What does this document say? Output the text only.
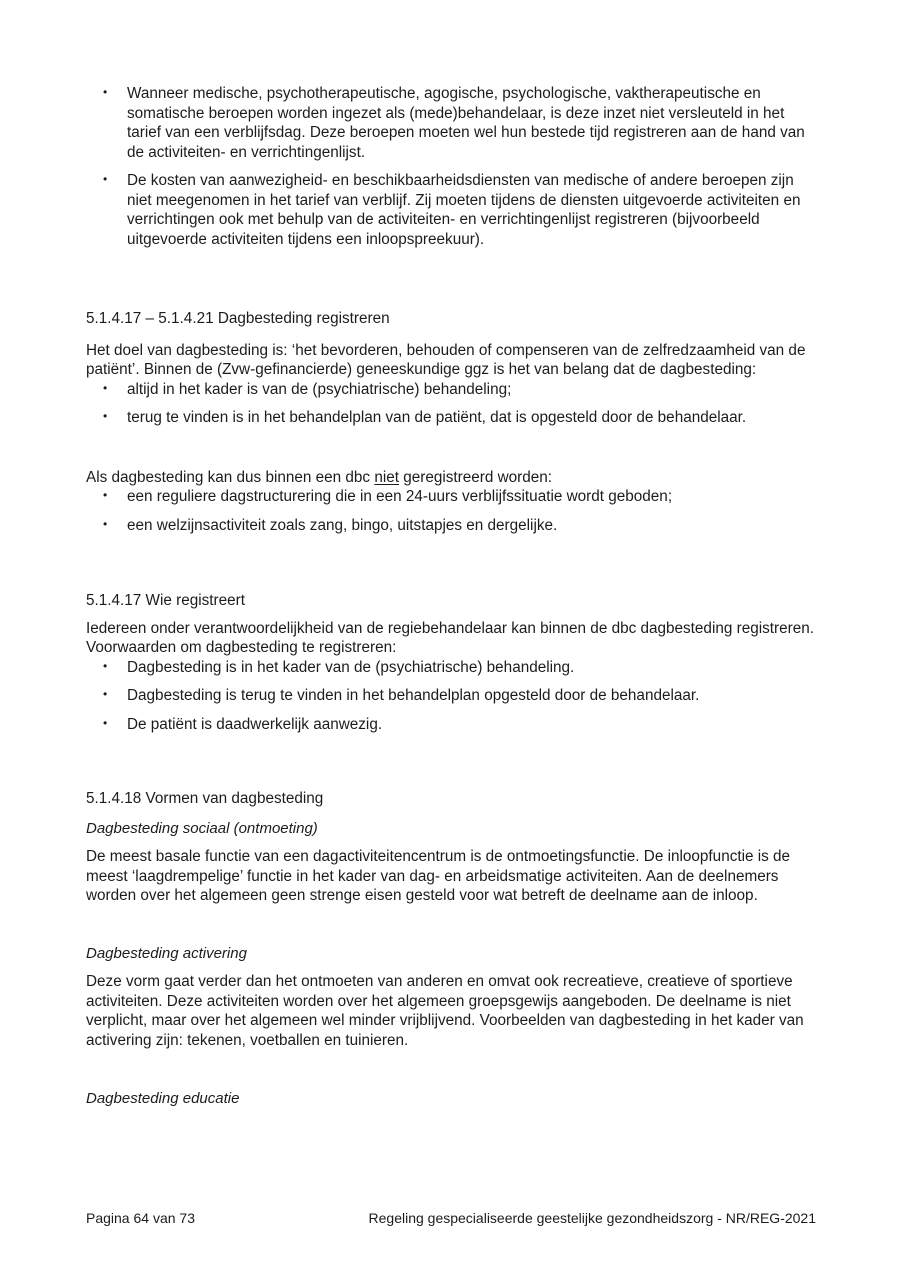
• Wanneer medische, psychotherapeutische, agogische, psychologische, vaktherapeutische en somatische beroepen worden ingezet als (mede)behandelaar, is deze inzet niet versleuteld in het tarief van een verblijfsdag. Deze beroepen moeten wel hun bestede tijd registreren aan de hand van de activiteiten- en verrichtingenlijst.
• De kosten van aanwezigheid- en beschikbaarheidsdiensten van medische of andere beroepen zijn niet meegenomen in het tarief van verblijf. Zij moeten tijdens de diensten uitgevoerde activiteiten en verrichtingen ook met behulp van de activiteiten- en verrichtingenlijst registreren (bijvoorbeeld uitgevoerde activiteiten tijdens een inloopspreekuur).
5.1.4.17 – 5.1.4.21 Dagbesteding registreren

Het doel van dagbesteding is: ‘het bevorderen, behouden of compenseren van de zelfredzaamheid van de patiënt’. Binnen de (Zvw-gefinancierde) geneeskundige ggz is het van belang dat de dagbesteding:

• altijd in het kader is van de (psychiatrische) behandeling;
• terug te vinden is in het behandelplan van de patiënt, dat is opgesteld door de behandelaar.

Als dagbesteding kan dus binnen een dbc niet geregistreerd worden:

• een reguliere dagstructurering die in een 24-uurs verblijfssituatie wordt geboden;
• een welzijnsactiviteit zoals zang, bingo, uitstapjes en dergelijke.
5.1.4.17 Wie registreert

Iedereen onder verantwoordelijkheid van de regiebehandelaar kan binnen de dbc dagbesteding registreren. Voorwaarden om dagbesteding te registreren:

• Dagbesteding is in het kader van de (psychiatrische) behandeling.
• Dagbesteding is terug te vinden in het behandelplan opgesteld door de behandelaar.
• De patiënt is daadwerkelijk aanwezig.
5.1.4.18 Vormen van dagbesteding

Dagbesteding sociaal (ontmoeting)

De meest basale functie van een dagactiviteitencentrum is de ontmoetingsfunctie. De inloopfunctie is de meest ‘laagdrempelige’ functie in het kader van dag- en arbeidsmatige activiteiten. Aan de deelnemers worden over het algemeen geen strenge eisen gesteld voor wat betreft de deelname aan de inloop.

Dagbesteding activering

Deze vorm gaat verder dan het ontmoeten van anderen en omvat ook recreatieve, creatieve of sportieve activiteiten. Deze activiteiten worden over het algemeen groepsgewijs aangeboden. De deelname is niet verplicht, maar over het algemeen wel minder vrijblijvend. Voorbeelden van dagbesteding in het kader van activering zijn: tekenen, voetballen en tuinieren.

Dagbesteding educatie

Pagina 64 van 73	Regeling gespecialiseerde geestelijke gezondheidszorg - NR/REG-2021
